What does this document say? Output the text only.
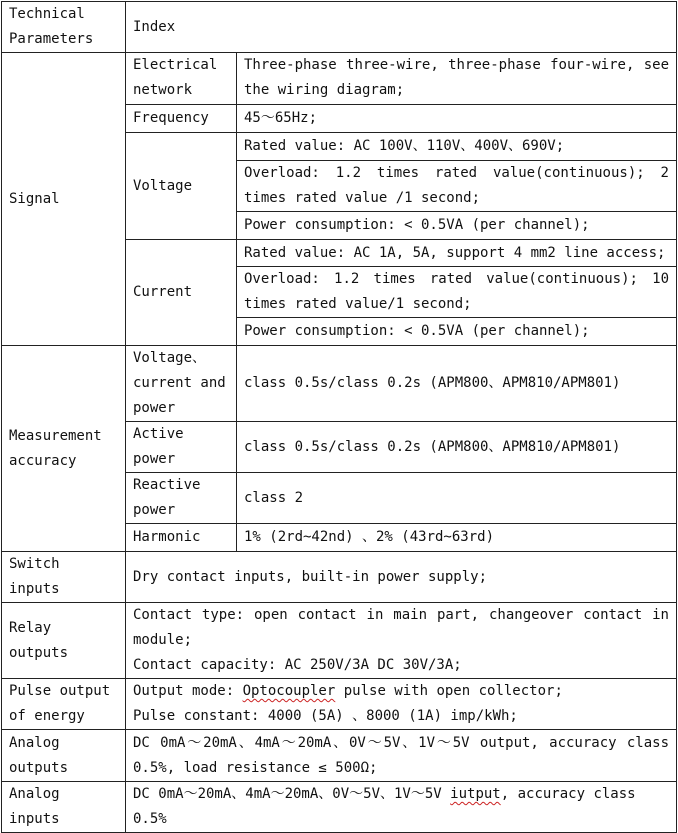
Technical Parameters	Index	
Signal	Electrical network	Three-phase three-wire, three-phase four-wire, see the wiring diagram;
	Frequency	45～65Hz;
	Voltage	Rated value: AC 100V、110V、400V、690V;
		Overload: 1.2 times rated value(continuous); 2 times rated value /1 second;
		Power consumption: < 0.5VA (per channel);
	Current	Rated value: AC 1A, 5A, support 4 mm2 line access;
		Overload: 1.2 times rated value(continuous); 10 times rated value/1 second;
		Power consumption: < 0.5VA (per channel);

Measurement accuracy	Voltage、current and power	class 0.5s/class 0.2s (APM800、APM810/APM801)
	Active power	class 0.5s/class 0.2s (APM800、APM810/APM801)
	Reactive power	class 2
	Harmonic	1% (2rd~42nd) 、2% (43rd~63rd)
Switch inputs	Dry contact inputs, built-in power supply;	
Relay outputs	Contact type: open contact in main part, changeover contact in module;
Contact capacity: AC 250V/3A DC 30V/3A;	

Pulse output of energy	Output mode: Optocoupler pulse with open collector;
Pulse constant: 4000 (5A) 、8000 (1A) imp/kWh;	

Analog outputs	DC 0mA～20mA、4mA～20mA、0V～5V、1V～5V output, accuracy class 0.5%, load resistance ≤ 500Ω;	
Analog inputs	DC 0mA～20mA、4mA～20mA、0V～5V、1V～5V iutput, accuracy class 0.5%	
